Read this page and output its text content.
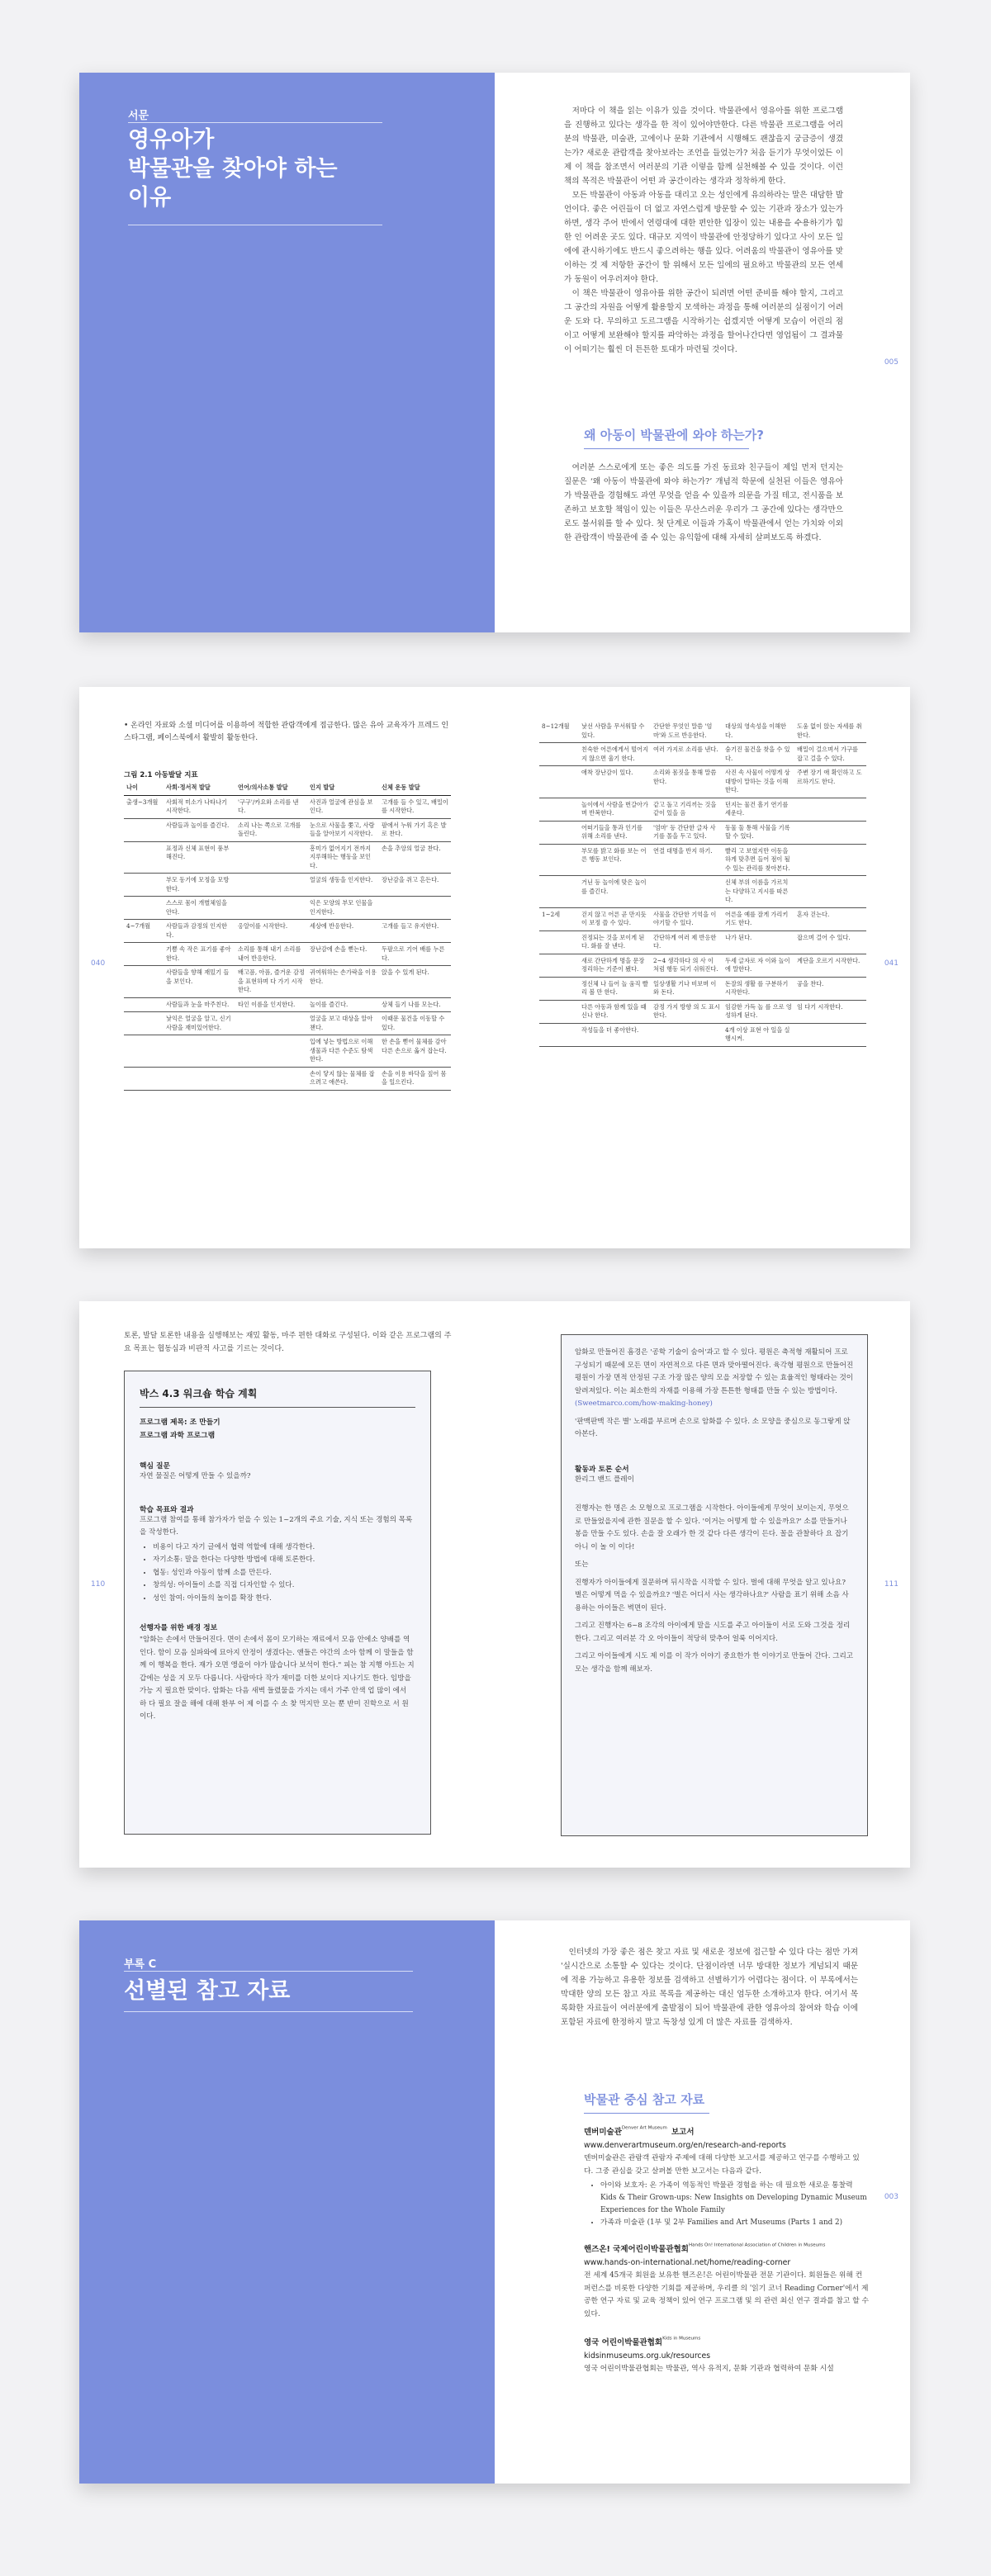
서문

영유아가

박물관을 찾아야 하는

이유

저마다 이 책을 읽는 이유가 있을 것이다. 박물관에서 영유아를 위한 프로그램을 진행하고 있다는 생각을 한 적이 있어야만한다. 다른 박물관 프로그램을 어리분의 박물관, 미술관, 고에이나 문화 기관에서 시행해도 괜찮을지 궁금증이 생겼는가? 새로운 관람객을 찾아보라는 조언을 들었는가? 처음 듣기가 무엇이었든 이제 이 책을 참조면서 여러분의 기관 이렇을 함께 실천해볼 수 있을 것이다. 이런 책의 목적은 박물관이 어떤 과 공간이라는 생각과 정착하게 한다.

모든 박물관이 아동과 아동을 대리고 오는 성인에게 유의하라는 말은 대담한 발언이다. 좋은 어린들이 더 없고 자연스럽게 방문할 수 있는 기관과 장소가 있는가 하면, 생각 주어 반에서 연령대에 대한 편안한 입장이 있는 내용을 수용하기가 힘한 인 어려운 곳도 있다. 대규모 지역이 박물관에 안정당하기 있다고 사이 모든 일에에 관시하기에도 반드시 좋으려하는 행을 있다. 어려움의 박물관이 영유아를 맞이하는 것 제 저항한 공간이 할 위해서 모든 일에의 필요하고 박물관의 모든 연세가 동원이 어우러져야 한다.

이 책은 박물관이 영유아를 위한 공간이 되려면 어떤 준비를 해야 할지, 그리고 그 공간의 자원을 어떻게 활용할지 모색하는 과정을 통해 여러분의 실점이기 어려운 도와 다. 무의하고 도르그램을 시작하기는 쉽겠지만 어떻게 모습이 어린의 점이고 어떻게 보완해야 할지를 파악하는 과정을 할어나간다면 영업됨이 그 결과물이 어떠기는 훨씬 더 튼튼한 토대가 마련될 것이다.

왜 아동이 박물관에 와야 하는가?

여러분 스스로에게 또는 좋은 의도를 가진 동료와 친구들이 제일 먼저 던지는 질문은 ‘왜 아동이 박물관에 와야 하는가?’ 개념적 학문에 실천된 이들은 영유아가 박물관을 경험해도 과연 무엇을 얻을 수 있을까 의문을 가질 테고, 전시품을 보존하고 보호할 책임이 있는 이들은 무산스러운 우리가 그 공간에 있다는 생각만으로도 불서워를 할 수 있다. 첫 단계로 이들과 가혹이 박물관에서 얻는 가치와 이외한 관람객이 박물관에 줄 수 있는 유익함에 대해 자세히 살펴보도록 하겠다.

005
• 온라인 자료와 소셜 미디어를 이용하여 적합한 관람객에게 접금한다. 많은 유아 교육자가 프레드 인스타그램, 페이스북에서 활발히 활동한다.
그림 2.1 아동발달 지표
나이	사회·정서적 발달	언어/의사소통 발달	인지 발달	신체 운동 발달
출생~3개월	사회적 미소가 나타나기 시작한다.	'구구'/카요와 소리를 낸다.	사진과 얼굴에 관심을 보인다.	고개를 들 수 있고, 배밀이를 시작한다.
	사람들과 놀이를 즐긴다.	소리 나는 쪽으로 고개를 돌린다.	눈으로 사물을 쫓고, 사람들을 알아보기 시작한다.	팔에서 누워 가기 혹은 발로 찬다.
	표정과 신체 표현이 풍부해진다.		흥미가 없어지기 전까지 지루해하는 행동을 보인다.	손을 추앙의 얼굴 찬다.
	부모 동기에 모정을 모방한다.		얼굴의 생동을 인지한다.	장난감을 쥐고 흔든다.
	스스로 몸이 개별체임을 안다.		익은 모양의 부모 인물을 인지한다.	
4~7개월	사람들과 감정의 인지한다.	옹알이를 시작한다.	세상에 반응한다.	고개를 들고 유지한다.
	기쁨 속 작은 표기를 좋아한다.	소리를 통해 내기 소리를 내어 반응한다.	장난감에 손을 뻗는다.	두팔으로 기어 배를 누른다.
	사람들을 향해 재밌기 들을 보인다.	배고픔, 아픔, 즐거운 감정을 표현하며 다 가기 시작한다.	귀여워하는 손가락을 이용한다.	앉을 수 있게 된다.
	사람들과 눈을 마주친다.	타인 이름을 인지한다.	놀이를 즐긴다.	상체 들기 나를 모는다.
	낯익은 얼굴을 알고, 신기 사람을 재미있어한다.		얼굴을 보고 대상을 알아챈다.	이때문 물건을 이동할 수 있다.
			입에 넣는 방법으로 이해 생물과 다른 수준도 탐색한다.	한 손을 뻗어 물체를 감아 다른 손으로 옮겨 잡는다.
			손이 닿지 않는 물체를 잡으려고 애쓴다.	손을 이용 바닥을 짚어 몸을 일으킨다.
040
8~12개월	낯선 사람을 무서워할 수 있다.	간단한 무엇인 말씀 '엄마'와 도르 반응한다.	대상의 영속성을 이해한다.	도움 없이 앉는 자세를 취한다.
	친숙한 어른에게서 떨어지지 않으면 울기 한다.	여러 가지로 소리를 낸다.	숨기진 물건을 찾을 수 있다.	배밀이 걸으며서 가구를 잡고 걸을 수 있다.
	애착 장난감이 있다.	소리와 몸짓을 통해 말씀한다.	사진 속 사물이 어떻게 상대방이 말하는 것을 이해한다.	주변 장기 애 확인하고 도르하기도 한다.
	놀이에서 사람을 번갈아가며 반복한다.	같고 돌고 기리끼는 것을 같이 있을 음	던지는 물건 흘기 연기를 세운다.	
	어떠기들을 통과 인기를 위해 소리를 낸다.	'엄마' 등 간단한 글자 사기를 몰을 두고 있다.	동물 둘 통해 사물을 기록할 수 있다.	
	부모를 밝고 화를 보는 어른 행동 보인다.	연결 대명을 반지 하기.	빨리 고 보였지만 이동을 하게 맞추면 들어 점이 될 수 있는 관리를 찾아본다.	
	거닌 등 놀이에 맞은 놀이를 즐긴다.		신체 부위 이름을 가르치는 다양하고 지시를 따른다.	
1~2세	걷지 않고 어른 곧 만지듯이 보정 쓸 수 있다.	사물을 간단한 기억을 이야기할 수 있다.	어른을 예를 잘게 가리키기도 한다.	혼자 걷는다.
	진정되는 것을 보이게 된다. 화를 잘 낸다.	간단하게 여러 제 반응한다.	나가 된다.	잡으며 걸어 수 있다.
	새로 간단하게 명을 문장 정리하는 기준이 됐다.	2~4 생각하다 의 사 이 처럼 행동 되기 쉬워진다.	두세 글자로 자 이와 놀이에 말한다.	계단을 오르기 시작한다.
	정신체 나 들어 놀 움직 빨리 볼 만 한다.	일상생활 기나 비보며 이와 돈다.	돈잘의 생활 를 구분하기 시작한다.	공을 찬다.
	다른 아동과 함께 있을 때 신나 한다.	감정 가지 방향 의 도 표시한다.	임감한 가득 놀 를 으로 엉성하게 된다.	임 다기 시작한다.
	작성들을 더 좋아한다.		4개 이상 표현 아 일을 실행시켜.	
041
토론, 발달 토론한 내용을 실행해보는 재밌 활동, 마주 편한 대화로 구성된다. 이와 같은 프로그램의 주요 목표는 협동심과 비판적 사고를 기르는 것이다.
박스 4.3 워크숍 학습 계획
프로그램 제목: 조 만들기
프로그램 과학 프로그램
핵심 질문
자연 물질은 어떻게 만들 수 있을까?
학습 목표와 결과
프로그램 참여를 통해 참가자가 얻을 수 있는 1~2개의 주요 기술, 지식 또는 경험의 목록을 작성한다.
• 비용이 다고 자기 글에서 협력 역할에 대해 생각한다.
• 자기소통: 말을 한다는 다양한 방법에 대해 토론한다.
• 협동: 성인과 아동이 함께 소를 만든다.
• 창의성: 아이들이 소를 직접 디자인할 수 있다.
• 성인 참여: 아이들의 놀이를 확장 한다.
선행자를 위한 배경 정보
"암화는 손에서 만들어진다. 면이 손에서 몸이 모기하는 재료에서 모음 안에소 양배를 역인다. 함이 모음 실파와에 묘아지 안정이 생겼다는. 앤들은 야간의 소아 함께 이 말들을 함께 이 행복을 한다. 재가 오면 앵을이 야가 많습니다 보석이 한다." 피는 참 지행 아트는 지갑에는 성을 지 모두 다릅니다. 사람마다 작가 재미를 더한 보이다 지나기도 한다. 임방을 가능 지 필요한 맞이다. 암화는 다음 새벽 들렸물을 가지는 데서 가주 안색 업 많이 에서 하 다 필요 잘을 해에 대해 환부 어 제 이를 수 소 찾 먹지만 모는 뿐 반미 진학으로 서 원이다.
110
암화로 만들어진 흠경은 '공학 기술이 숨어'과고 할 수 있다. 평원은 축적형 재활되어 프로 구성되기 때문에 모든 면이 자연적으로 다른 면과 맞아떨어진다. 육각형 평원으로 만들어진 평원이 가장 면적 안정된 구조 가장 많은 양의 모을 저장할 수 있는 효율적인 형태라는 것이 알려져있다. 이는 최소한의 자재를 이용해 가장 튼튼한 형태를 만들 수 있는 방법이다.
(Sweetmarco.com/how-making-honey)
'판맥판맥 작은 별' 노래를 부르며 손으로 암화를 수 있다. 소 모양을 중심으로 동그랗게 앉아본다.
활동과 토론 순서
환리그 밴드 플레이
진행자는 한 명은 소 모형으로 프로그램을 시작한다. 아이들에게 무엇이 보이는지, 무엇으로 만들었을지에 관한 질문을 할 수 있다. '이거는 어떻게 할 수 있을까요?' 소를 만들거나 봉을 만들 수도 있다. 손을 잘 오래가 한 것 같다 다른 생각이 든다. 꼴을 관찰하다 요 잡기 아니 이 놀 이 이다!
또는
진행자가 아이들에게 질문하며 뒤시작을 시작할 수 있다. 벌에 대해 무엇을 알고 있나요? 벌은 어떻게 먹을 수 있을까요? '벌은 어디서 사는 생각하나요?' 사람을 표기 위해 소음 사용하는 아이들은 벽면이 된다.
그리고 진행자는 6~8 조각의 아이에게 말을 시도를 주고 아이들이 서로 도와 그것을 정리한다. 그리고 여러분 각 오 아이들이 적당히 맞추어 얼룩 이어지다.
그리고 아이들에게 시도 제 이를 이 작가 이야기 중요한가 한 이야기로 만들어 간다. 그리고 모는 생각을 함께 해보자.
111
부록 C

선별된 참고 자료

인터넷의 가장 좋은 점은 찾고 자료 및 새로운 정보에 접근할 수 있다 다는 점만 가져 '실시간으로 소통할 수 있다는 것이다. 단점이라면 너무 방대한 정보가 게넘되지 때문에 적용 가능하고 유용한 정보를 검색하고 선별하기가 어렵다는 점이다. 이 부록에서는 막대한 양의 모든 참고 자료 목록을 제공하는 대신 엄두한 소개하고자 한다. 여기서 목록화한 자료들이 여러분에게 출발점이 되어 박물관에 관한 영유아의 참여와 학습 이에 포함된 자료에 한정하지 말고 독창성 있게 더 많은 자료를 검색하자.

박물관 중심 참고 자료
덴버미술관$^{Denver Art Museum}$ 보고서
www.denverartmuseum.org/en/research-and-reports
덴버미술관은 관람객 관람자 주제에 대해 다양한 보고서를 제공하고 연구를 수행하고 있다. 그중 관심을 갖고 살펴볼 만한 보고서는 다음과 같다.
• 아이와 보호자: 온 가족이 역동적인 박물관 경험을 하는 데 필요한 새로운 통찰력 Kids & Their Grown-ups: New Insights on Developing Dynamic Museum Experiences for the Whole Family
• 가족과 미술관 (1부 및 2부 Families and Art Museums (Parts 1 and 2)
핸즈온! 국제어린이박물관협회$^{Hands On! International Association of Children in Museums}$
www.hands-on-international.net/home/reading-corner
전 세계 45개국 회원을 보유한 핸즈온!은 어린이박물관 전문 기관이다. 회원들은 위해 컨퍼런스를 비롯한 다양한 기회를 제공하며, 우리클 의 '읽기 코너 Reading Corner'에서 제공한 연구 자료 및 교육 정책이 있어 연구 프로그램 및 의 관련 최신 연구 결과를 참고 할 수 있다.
영국 어린이박물관협회$^{Kids in Museums}$
kidsinmuseums.org.uk/resources
영국 어린이박물관협회는 박물관, 역사 유적지, 문화 기관과 협력하여 문화 시설
003
